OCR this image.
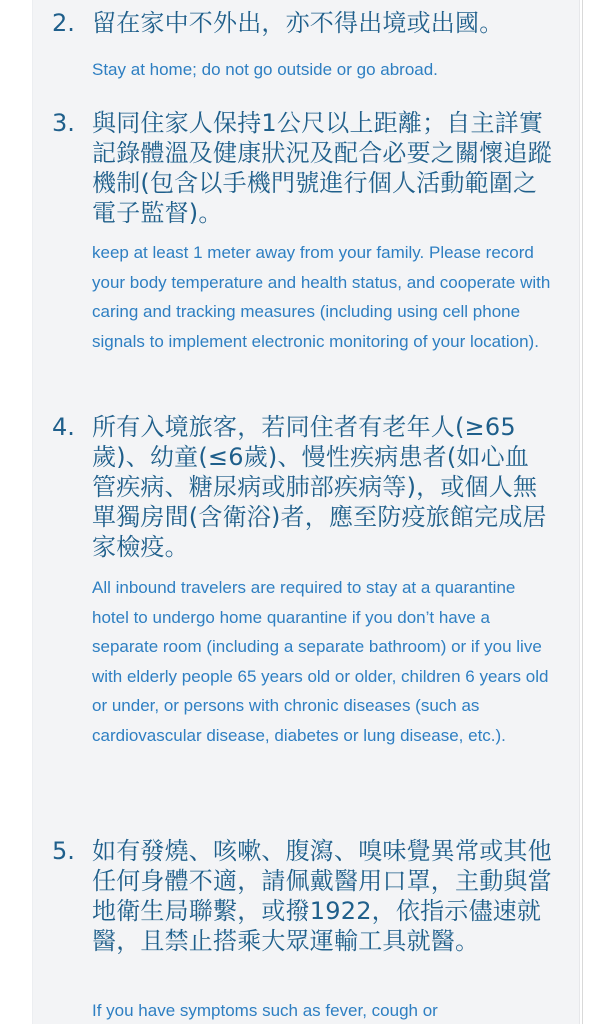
2. 留在家中不外出，亦不得出境或出國。
Stay at home; do not go outside or go abroad.
3. 與同住家人保持1公尺以上距離；自主詳實記錄體溫及健康狀況及配合必要之關懷追蹤機制(包含以手機門號進行個人活動範圍之電子監督)。
keep at least 1 meter away from your family. Please record your body temperature and health status, and cooperate with caring and tracking measures (including using cell phone signals to implement electronic monitoring of your location).
4. 所有入境旅客，若同住者有老年人(≥65歲)、幼童(≤6歲)、慢性疾病患者(如心血管疾病、糖尿病或肺部疾病等)，或個人無單獨房間(含衛浴)者，應至防疫旅館完成居家檢疫。
All inbound travelers are required to stay at a quarantine hotel to undergo home quarantine if you don’t have a separate room (including a separate bathroom) or if you live with elderly people 65 years old or older, children 6 years old or under, or persons with chronic diseases (such as cardiovascular disease, diabetes or lung disease, etc.).
5. 如有發燒、咳嗽、腹瀉、嗅味覺異常或其他任何身體不適，請佩戴醫用口罩，主動與當地衛生局聯繫，或撥1922，依指示儘速就醫，且禁止搭乘大眾運輸工具就醫。
If you have symptoms such as fever, cough or
